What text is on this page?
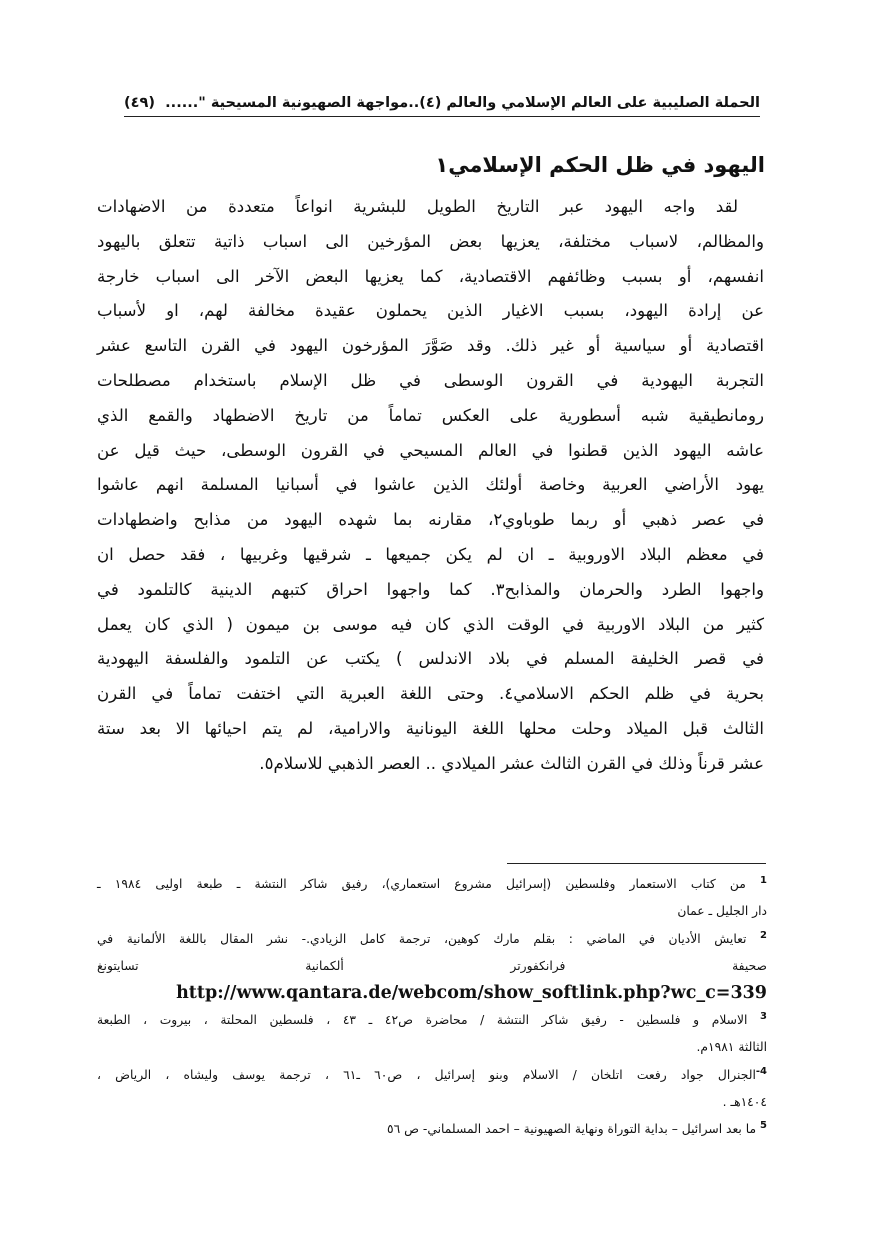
الحملة الصليبية على العالم الإسلامي والعالم (٤)..مواجهة الصهيونية المسيحية "......
(٤٩)
اليهود في ظل الحكم الإسلامي١
لقد واجه اليهود عبر التاريخ الطويل للبشرية انواعاً متعددة من الاضهادات
والمظالم، لاسباب مختلفة، يعزيها بعض المؤرخين الى اسباب ذاتية تتعلق باليهود
انفسهم، أو بسبب وظائفهم الاقتصادية، كما يعزيها البعض الآخر الى اسباب خارجة
عن إرادة اليهود، بسبب الاغيار الذين يحملون عقيدة مخالفة لهم، او لأسباب
اقتصادية أو سياسية أو غير ذلك. وقد صَوَّرَ المؤرخون اليهود في القرن التاسع عشر
التجربة اليهودية في القرون الوسطى في ظل الإسلام باستخدام مصطلحات
رومانطيقية شبه أسطورية على العكس تماماً من تاريخ الاضطهاد والقمع الذي
عاشه اليهود الذين قطنوا في العالم المسيحي في القرون الوسطى، حيث قيل عن
يهود الأراضي العربية وخاصة أولئك الذين عاشوا في أسبانيا المسلمة انهم عاشوا
في عصر ذهبي أو ربما طوباوي٢، مقارنه بما شهده اليهود من مذابح واضطهادات
في معظم البلاد الاوروبية ـ ان لم يكن جميعها ـ شرقيها وغربيها ، فقد حصل ان
واجهوا الطرد والحرمان والمذابح٣. كما واجهوا احراق كتبهم الدينية كالتلمود في
كثير من البلاد الاوربية في الوقت الذي كان فيه موسى بن ميمون ( الذي كان يعمل
في قصر الخليفة المسلم في بلاد الاندلس ) يكتب عن التلمود والفلسفة اليهودية
بحرية في ظلم الحكم الاسلامي٤. وحتى اللغة العبرية التي اختفت تماماً في القرن
الثالث قبل الميلاد وحلت محلها اللغة اليونانية والارامية، لم يتم احيائها الا بعد ستة
عشر قرناً وذلك في القرن الثالث عشر الميلادي .. العصر الذهبي للاسلام٥.
$^1$ من كتاب الاستعمار وفلسطين (إسرائيل مشروع استعماري)، رفيق شاكر النتشة ـ طبعة اوليى ١٩٨٤ ـ
دار الجليل ـ عمان
$^2$ تعايش الأديان في الماضي : بقلم مارك كوهين، ترجمة كامل الزيادي.- نشر المقال باللغة الألمانية في
صحيفة فرانكفورتر ألكمانية تسايتونغ
http://www.qantara.de/webcom/show_softlink.php?wc_c=339
$^3$ الاسلام و فلسطين - رفيق شاكر النتشة / محاضرة ص٤٢ ـ ٤٣ ، فلسطين المحلتة ، بيروت ، الطبعة
الثالثة ١٩٨١م.
$^{4-}$الجنرال جواد رفعت اتلخان / الاسلام وبنو إسرائيل ، ص٦٠ ـ٦١ ، ترجمة يوسف وليشاه ، الرياض ،
١٤٠٤هـ .
$^5$ ما بعد اسرائيل – بداية التوراة ونهاية الصهيونية – احمد المسلماني- ص ٥٦
